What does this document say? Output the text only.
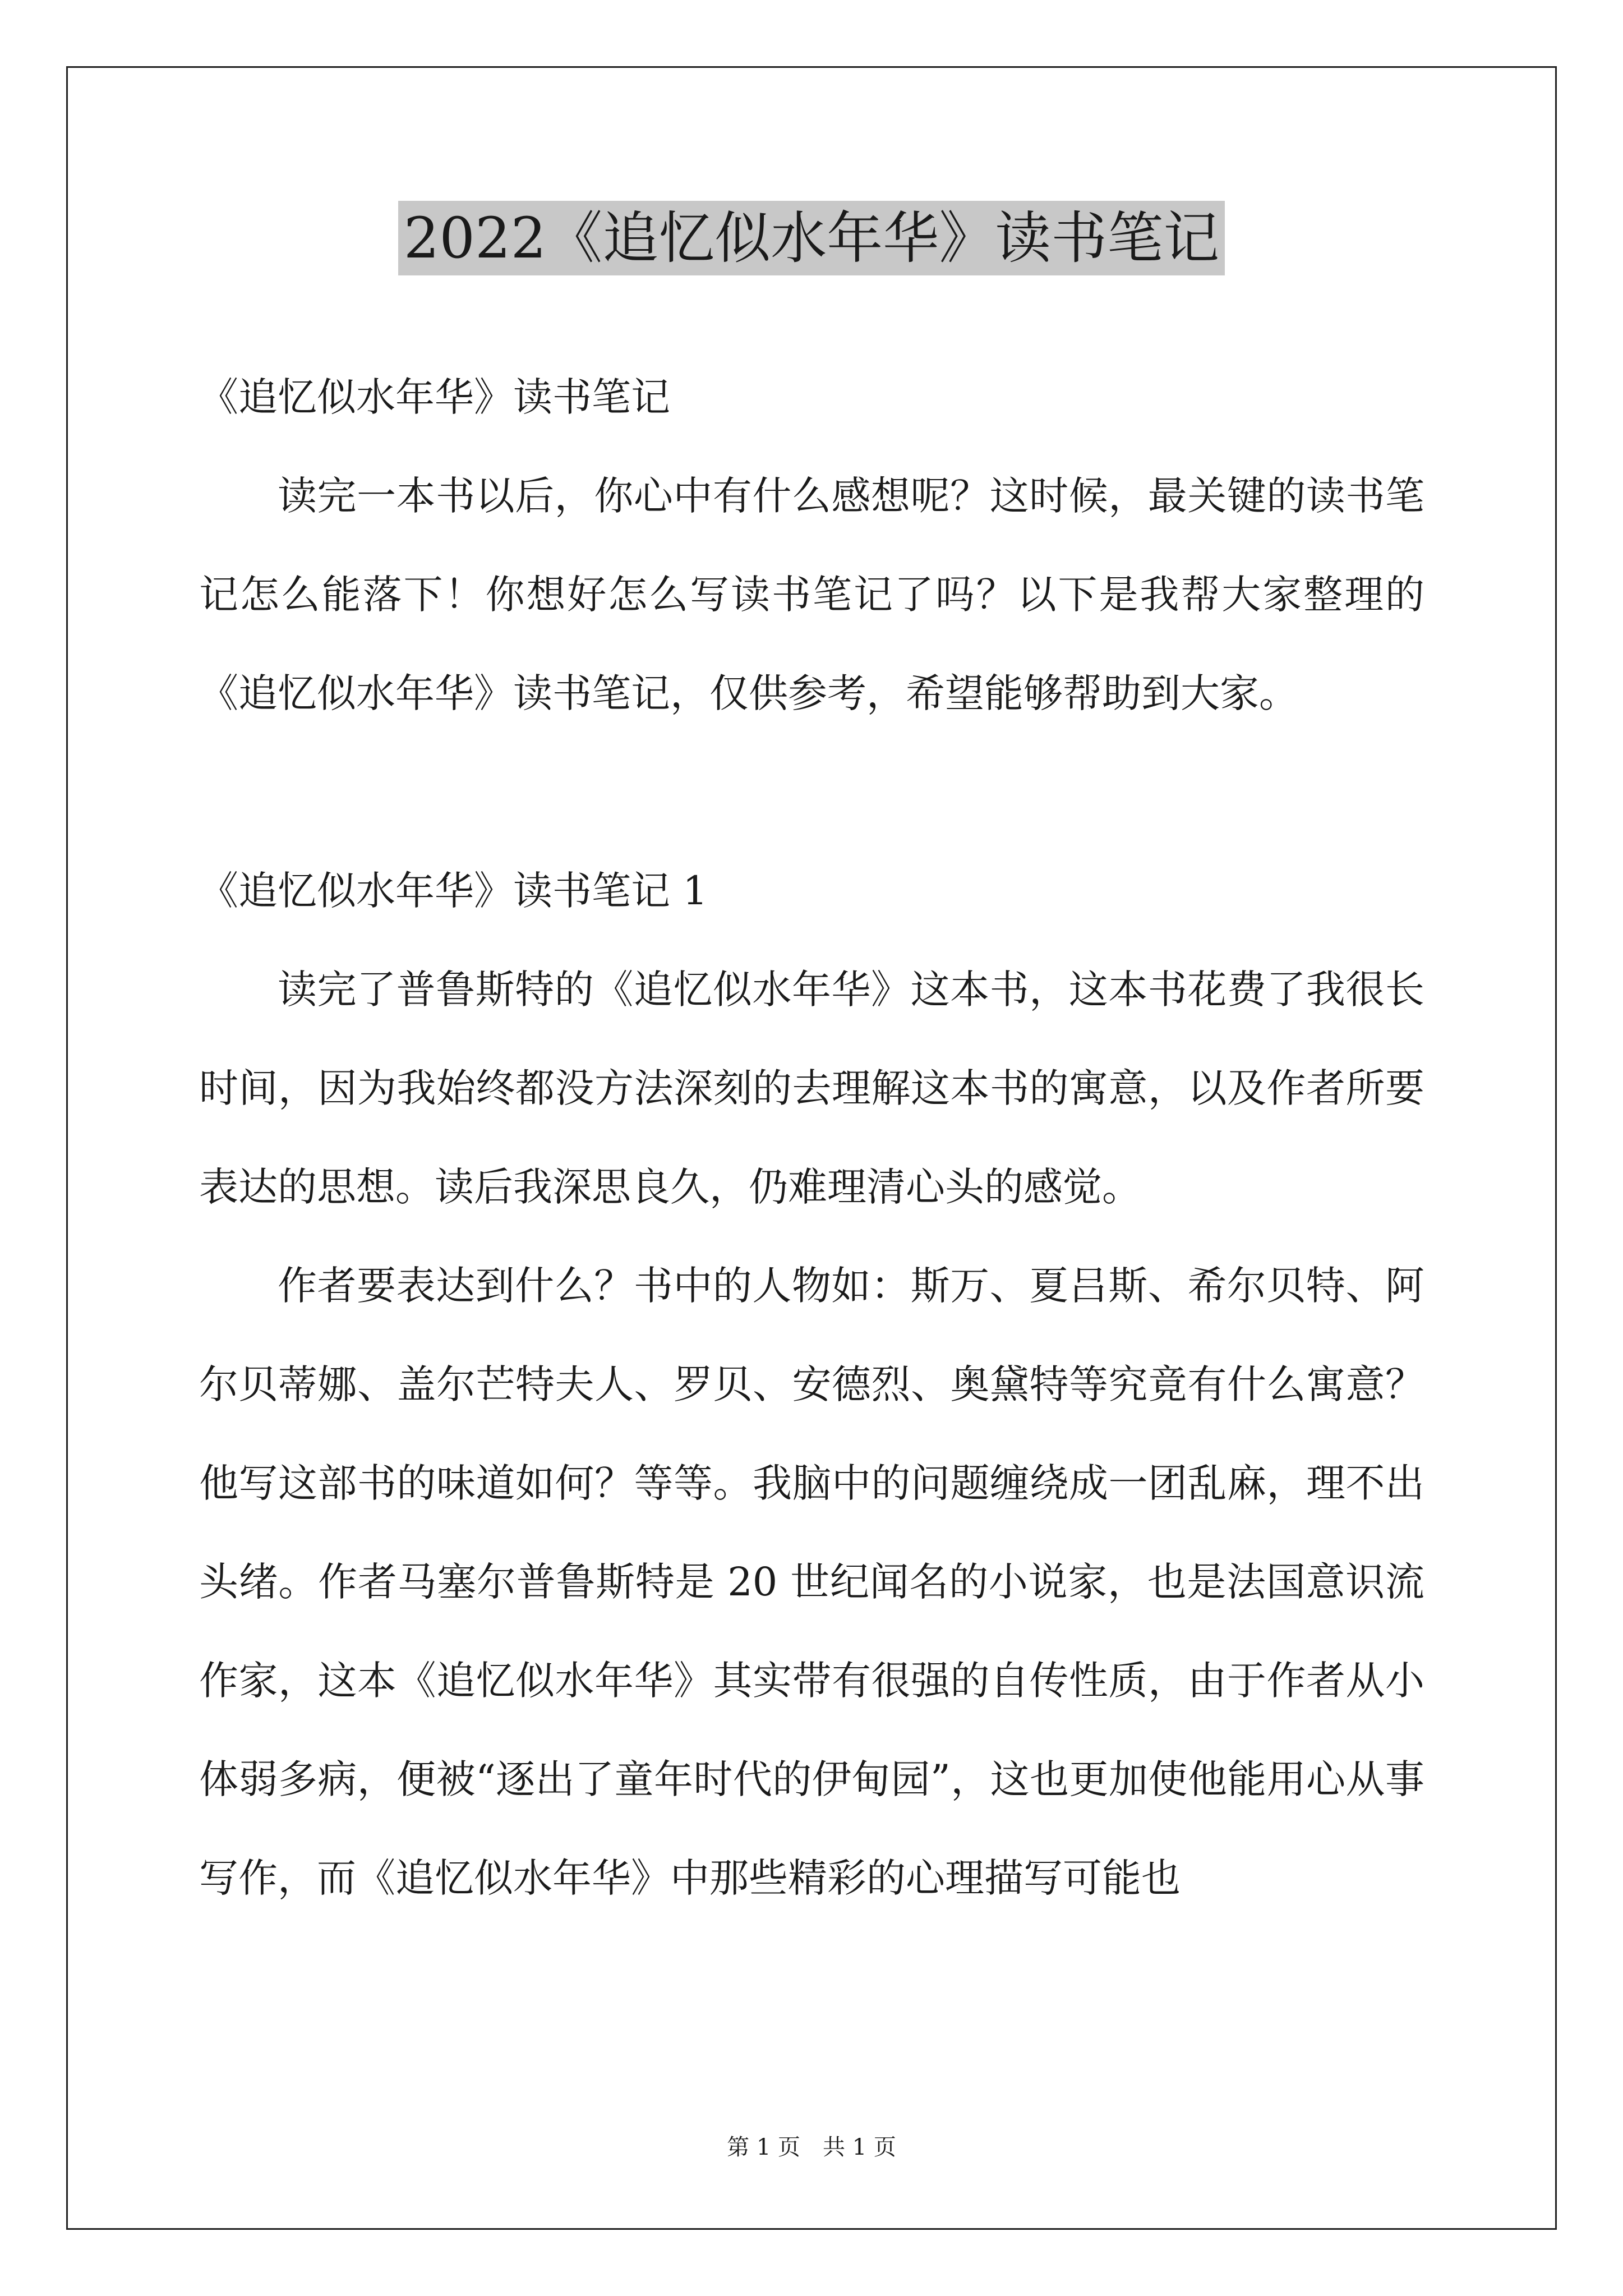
2022《追忆似水年华》读书笔记

《追忆似水年华》读书笔记

读完一本书以后，你心中有什么感想呢？这时候，最关键的读书笔记怎么能落下！你想好怎么写读书笔记了吗？以下是我帮大家整理的《追忆似水年华》读书笔记，仅供参考，希望能够帮助到大家。

《追忆似水年华》读书笔记 1

读完了普鲁斯特的《追忆似水年华》这本书，这本书花费了我很长时间，因为我始终都没方法深刻的去理解这本书的寓意，以及作者所要表达的思想。读后我深思良久，仍难理清心头的感觉。

作者要表达到什么？书中的人物如：斯万、夏吕斯、希尔贝特、阿尔贝蒂娜、盖尔芒特夫人、罗贝、安德烈、奥黛特等究竟有什么寓意？他写这部书的味道如何？等等。我脑中的问题缠绕成一团乱麻，理不出头绪。作者马塞尔普鲁斯特是 20 世纪闻名的小说家，也是法国意识流作家，这本《追忆似水年华》其实带有很强的自传性质，由于作者从小体弱多病，便被“逐出了童年时代的伊甸园”，这也更加使他能用心从事写作，而《追忆似水年华》中那些精彩的心理描写可能也

第 1 页 共 1 页
